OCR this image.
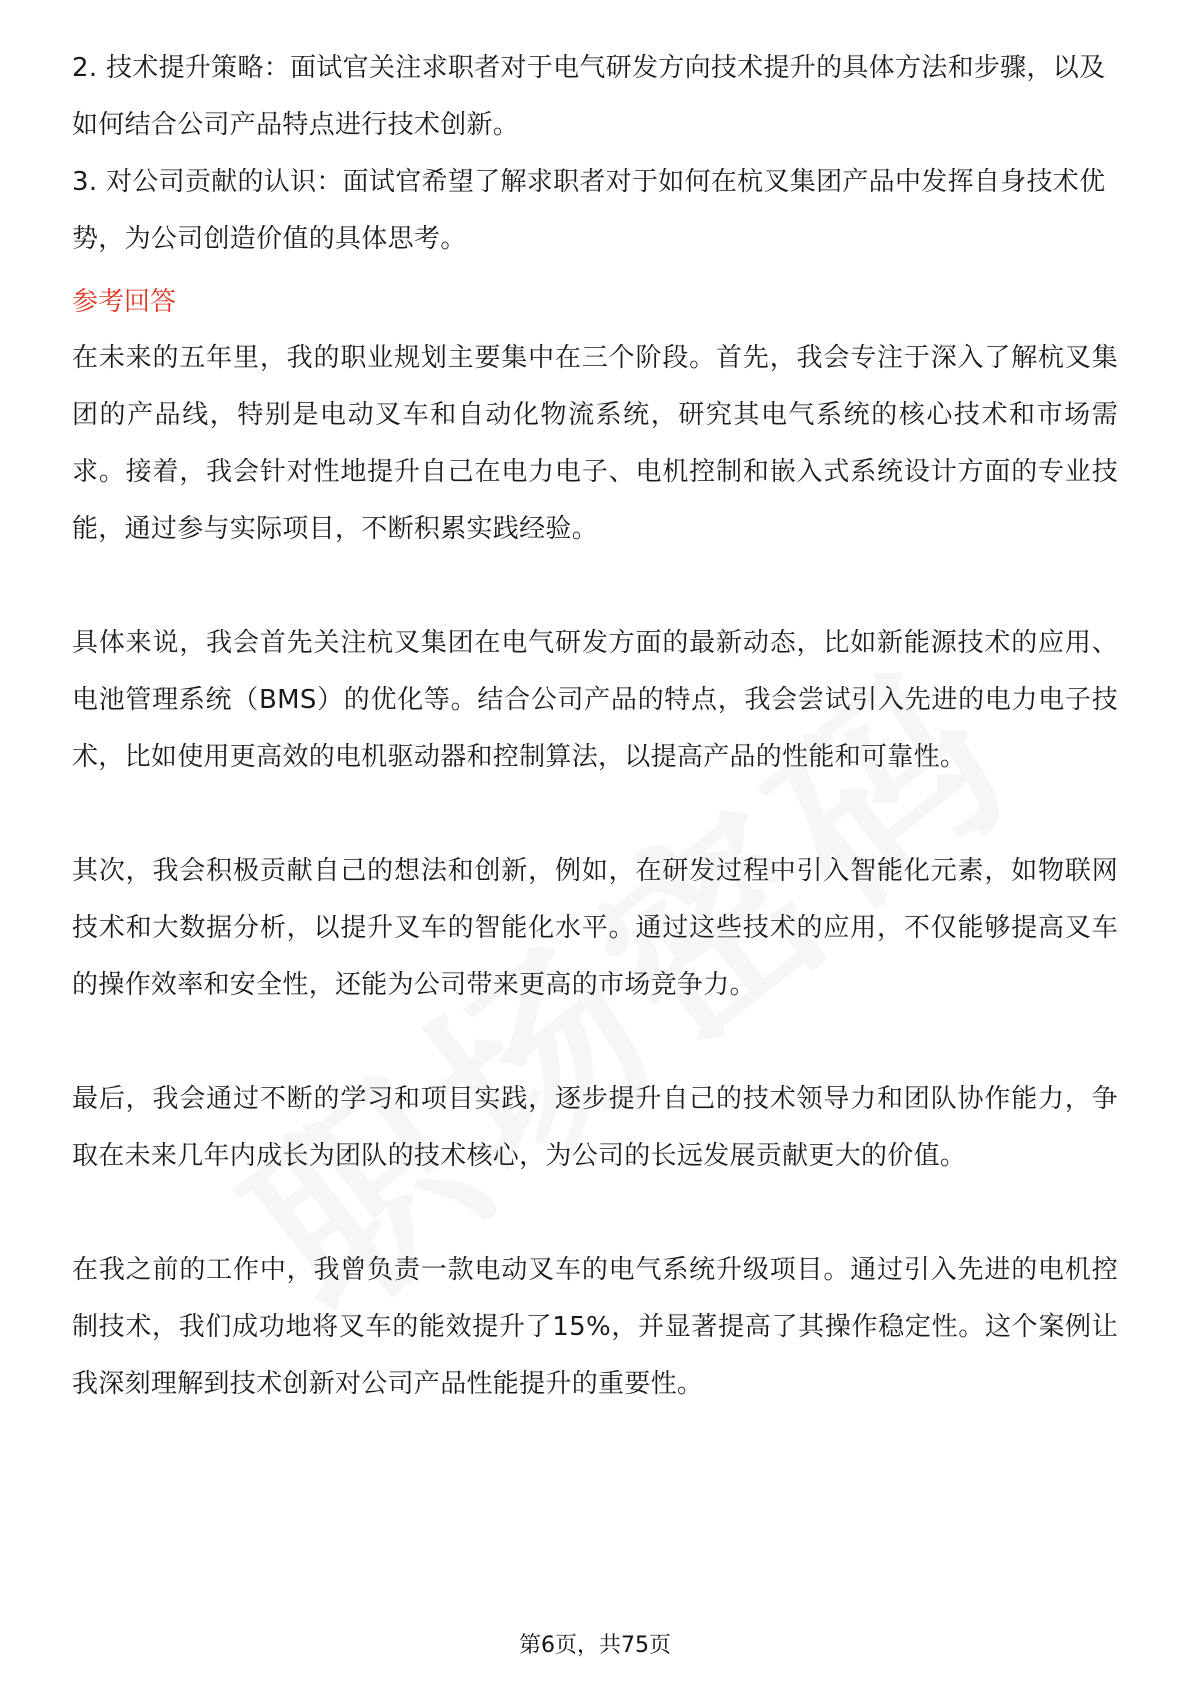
2. 技术提升策略：面试官关注求职者对于电气研发方向技术提升的具体方法和步骤，以及如何结合公司产品特点进行技术创新。

3. 对公司贡献的认识：面试官希望了解求职者对于如何在杭叉集团产品中发挥自身技术优势，为公司创造价值的具体思考。

参考回答

在未来的五年里，我的职业规划主要集中在三个阶段。首先，我会专注于深入了解杭叉集团的产品线，特别是电动叉车和自动化物流系统，研究其电气系统的核心技术和市场需求。接着，我会针对性地提升自己在电力电子、电机控制和嵌入式系统设计方面的专业技能，通过参与实际项目，不断积累实践经验。

具体来说，我会首先关注杭叉集团在电气研发方面的最新动态，比如新能源技术的应用、电池管理系统（BMS）的优化等。结合公司产品的特点，我会尝试引入先进的电力电子技术，比如使用更高效的电机驱动器和控制算法，以提高产品的性能和可靠性。

其次，我会积极贡献自己的想法和创新，例如，在研发过程中引入智能化元素，如物联网技术和大数据分析，以提升叉车的智能化水平。通过这些技术的应用，不仅能够提高叉车的操作效率和安全性，还能为公司带来更高的市场竞争力。

最后，我会通过不断的学习和项目实践，逐步提升自己的技术领导力和团队协作能力，争取在未来几年内成长为团队的技术核心，为公司的长远发展贡献更大的价值。

在我之前的工作中，我曾负责一款电动叉车的电气系统升级项目。通过引入先进的电机控制技术，我们成功地将叉车的能效提升了15%，并显著提高了其操作稳定性。这个案例让我深刻理解到技术创新对公司产品性能提升的重要性。

第6页，共75页
